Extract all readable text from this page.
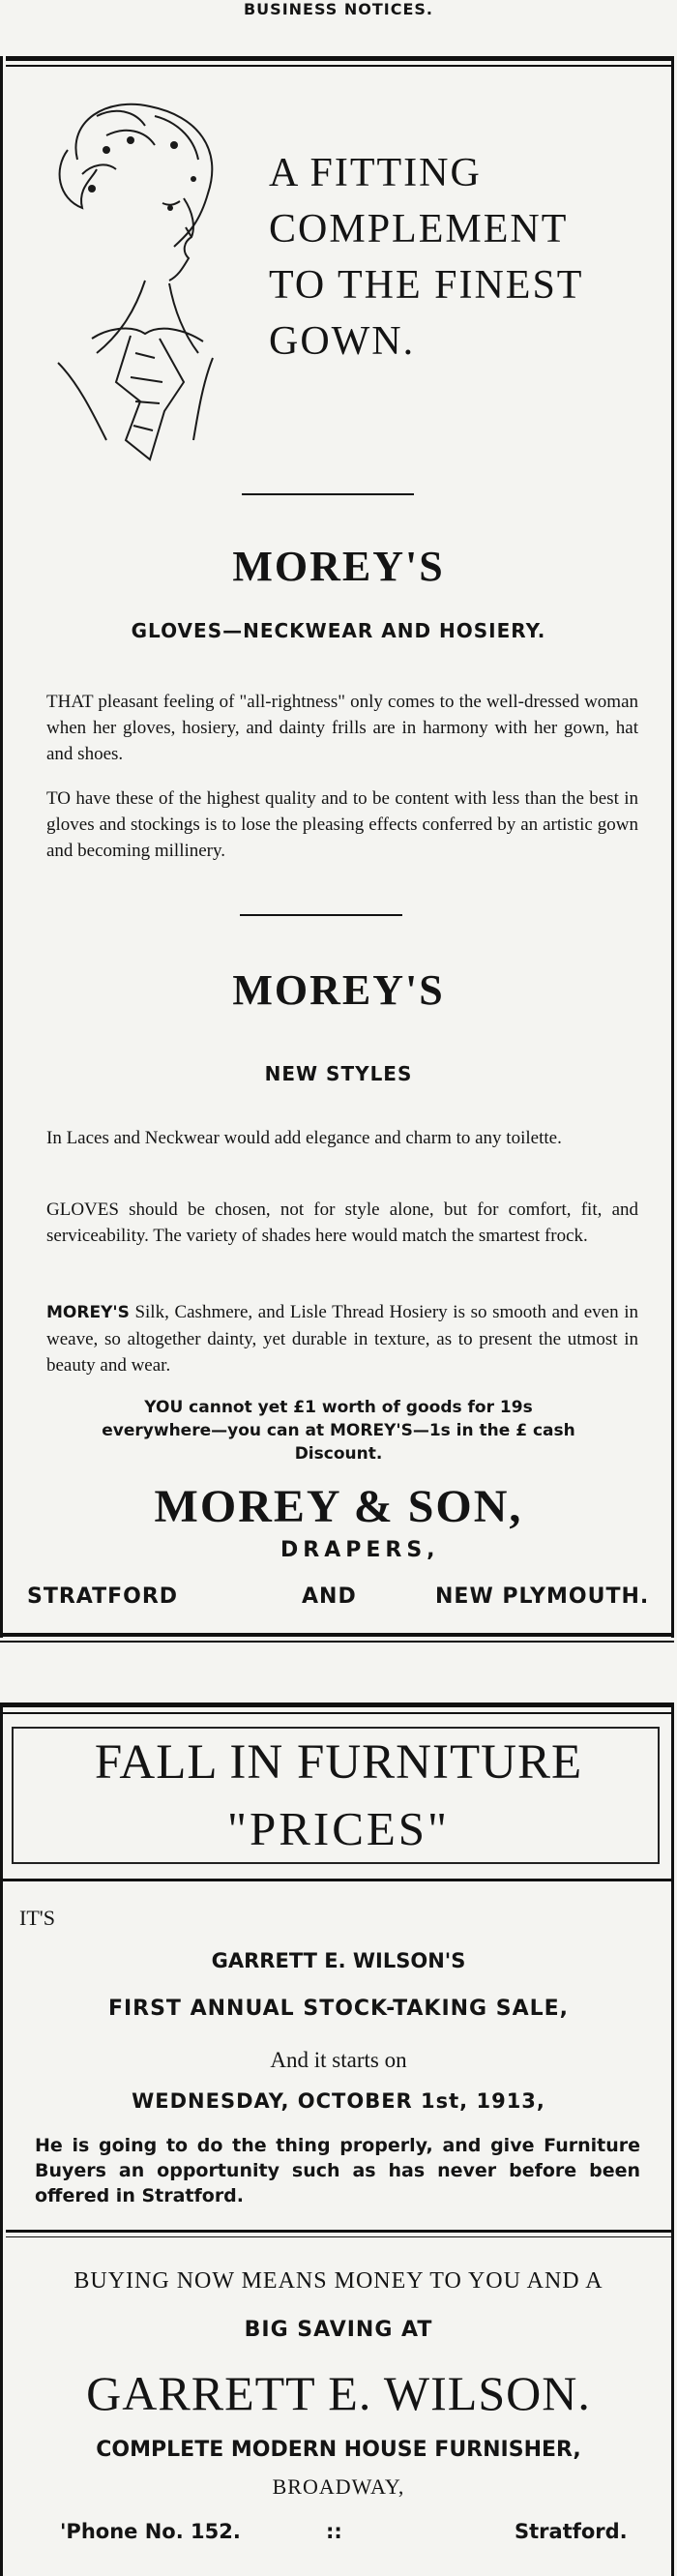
BUSINESS NOTICES.
A FITTING
COMPLEMENT
TO THE FINEST
GOWN.
MOREY'S
GLOVES—NECKWEAR AND HOSIERY.
THAT pleasant feeling of "all-rightness" only comes to the well-dressed woman when her gloves, hosiery, and dainty frills are in harmony with her gown, hat and shoes.
TO have these of the highest quality and to be content with less than the best in gloves and stockings is to lose the pleasing effects conferred by an artistic gown and becoming millinery.
MOREY'S
NEW STYLES
In Laces and Neckwear would add elegance and charm to any toilette.
GLOVES should be chosen, not for style alone, but for comfort, fit, and serviceability. The variety of shades here would match the smartest frock.
MOREY'S Silk, Cashmere, and Lisle Thread Hosiery is so smooth and even in weave, so altogether dainty, yet durable in texture, as to present the utmost in beauty and wear.
YOU cannot yet £1 worth of goods for 19s everywhere—you can at MOREY'S—1s in the £ cash Discount.
MOREY & SON,
DRAPERS,
STRATFORD	AND	NEW PLYMOUTH.
FALL IN FURNITURE
"PRICES"
IT'S
GARRETT E. WILSON'S
FIRST ANNUAL STOCK-TAKING SALE,
And it starts on
WEDNESDAY, OCTOBER 1st, 1913,
He is going to do the thing properly, and give Furniture Buyers an opportunity such as has never before been offered in Stratford.
BUYING NOW MEANS MONEY TO YOU AND A
BIG SAVING AT
GARRETT E. WILSON.
COMPLETE MODERN HOUSE FURNISHER,
BROADWAY,
'Phone No. 152.	::	Stratford.
